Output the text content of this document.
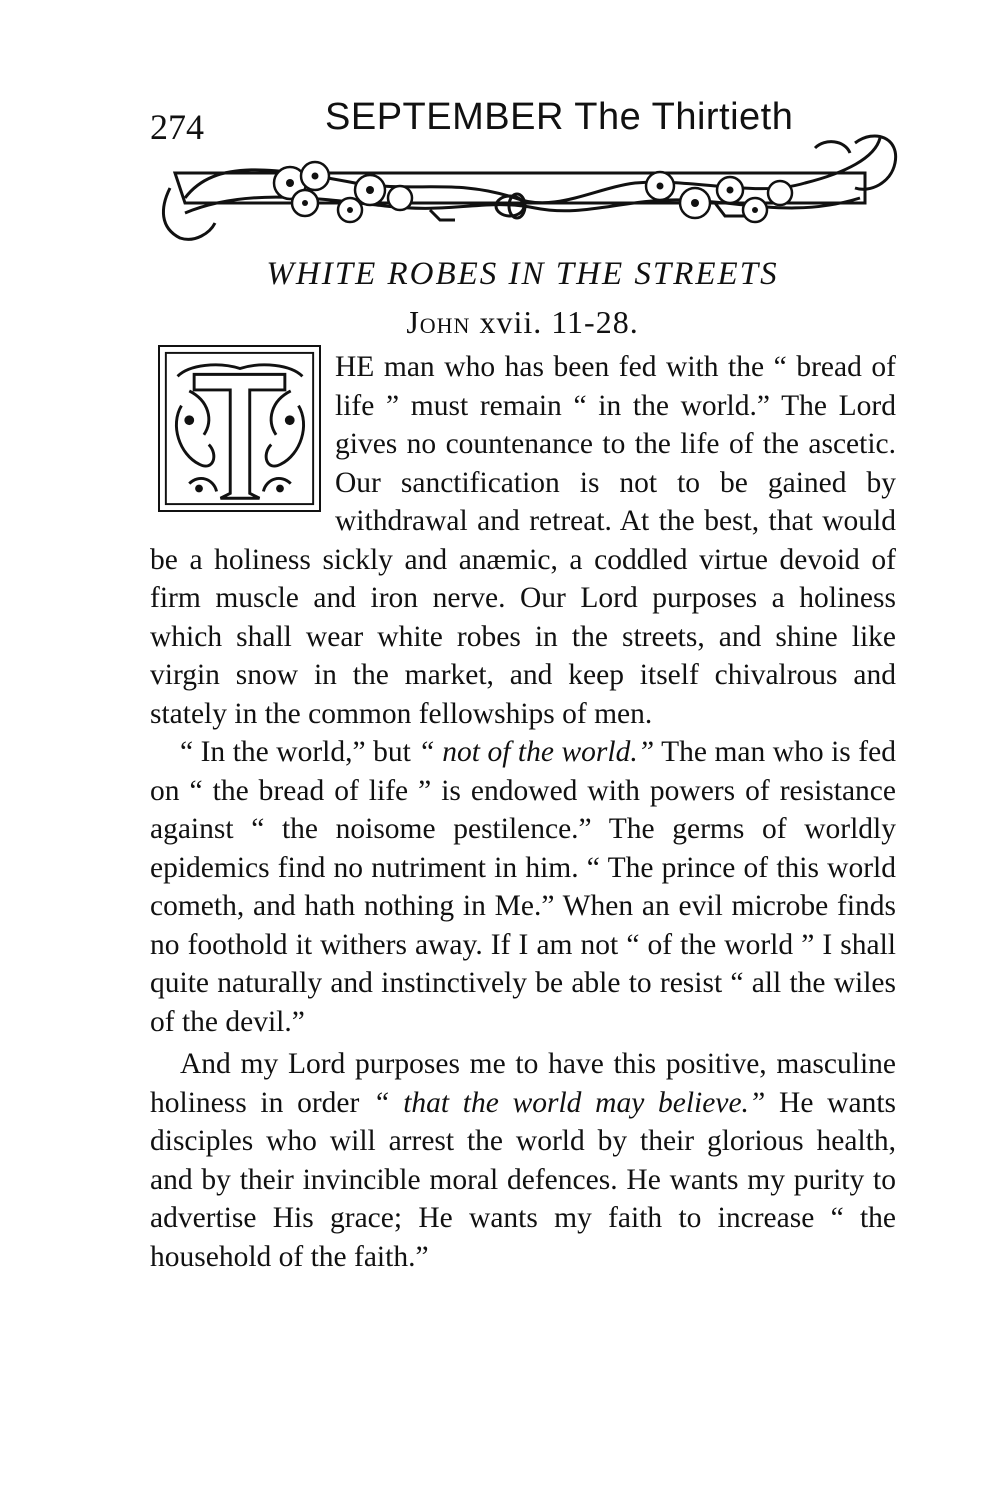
274	SEPTEMBER The Thirtieth
WHITE ROBES IN THE STREETS
John xvii. 11-28.

HE man who has been fed with the “ bread of life ” must remain “ in the world.” The Lord gives no countenance to the life of the ascetic. Our sanctification is not to be gained by withdrawal and retreat. At the best, that would be a holiness sickly and anæmic, a coddled virtue devoid of firm muscle and iron nerve. Our Lord purposes a holiness which shall wear white robes in the streets, and shine like virgin snow in the market, and keep itself chivalrous and stately in the common fellowships of men.

“ In the world,” but “ not of the world.” The man who is fed on “ the bread of life ” is endowed with powers of resistance against “ the noisome pestilence.” The germs of worldly epidemics find no nutriment in him. “ The prince of this world cometh, and hath nothing in Me.” When an evil microbe finds no foothold it withers away. If I am not “ of the world ” I shall quite naturally and instinctively be able to resist “ all the wiles of the devil.”

And my Lord purposes me to have this positive, masculine holiness in order “ that the world may believe.” He wants disciples who will arrest the world by their glorious health, and by their invincible moral defences. He wants my purity to advertise His grace; He wants my faith to increase “ the household of the faith.”
